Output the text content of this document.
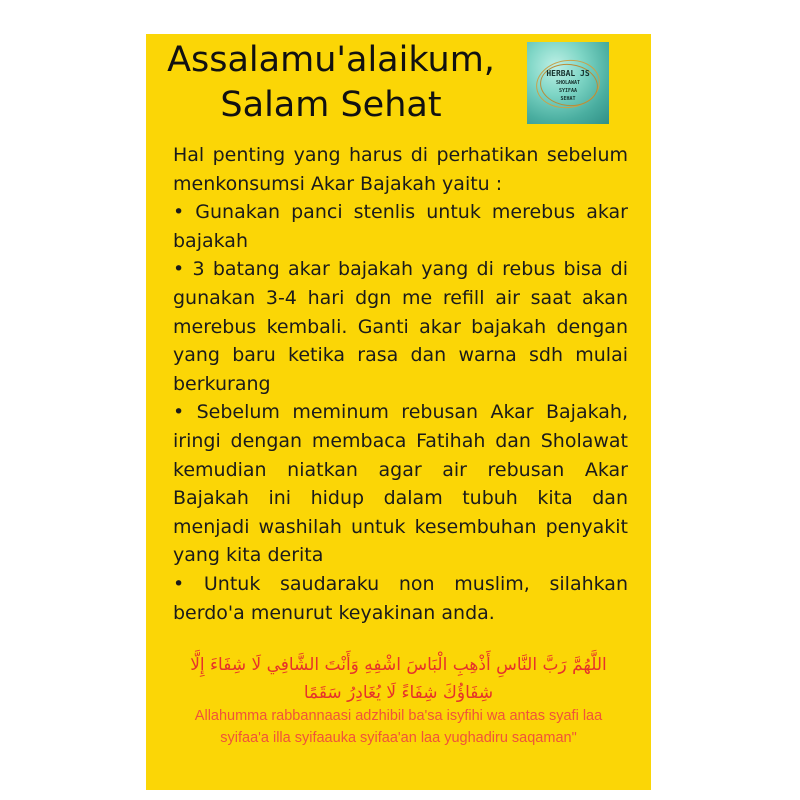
Assalamu'alaikum,
Salam Sehat
HERBAL JS
SHOLAWAT
SYIFAA
SEHAT

Hal penting yang harus di perhatikan sebelum menkonsumsi Akar Bajakah yaitu :

• Gunakan panci stenlis untuk merebus akar bajakah

• 3 batang akar bajakah yang di rebus bisa di gunakan 3-4 hari dgn me refill air saat akan merebus kembali. Ganti akar bajakah dengan yang baru ketika rasa dan warna sdh mulai berkurang

• Sebelum meminum rebusan Akar Bajakah, iringi dengan membaca Fatihah dan Sholawat kemudian niatkan agar air rebusan Akar Bajakah ini hidup dalam tubuh kita dan menjadi washilah untuk kesembuhan penyakit yang kita derita

• Untuk saudaraku non muslim, silahkan berdo'a menurut keyakinan anda.

اللَّهُمَّ رَبَّ النَّاسِ أَذْهِبِ الْبَاسَ اشْفِهِ وَأَنْتَ الشَّافِي لَا شِفَاءَ إِلَّا شِفَاؤُكَ شِفَاءً لَا يُغَادِرُ سَقَمًا
Allahumma rabbannaasi adzhibil ba'sa isyfihi wa antas syafi laa syifaa'a illa syifaauka syifaa'an laa yughadiru saqaman"
